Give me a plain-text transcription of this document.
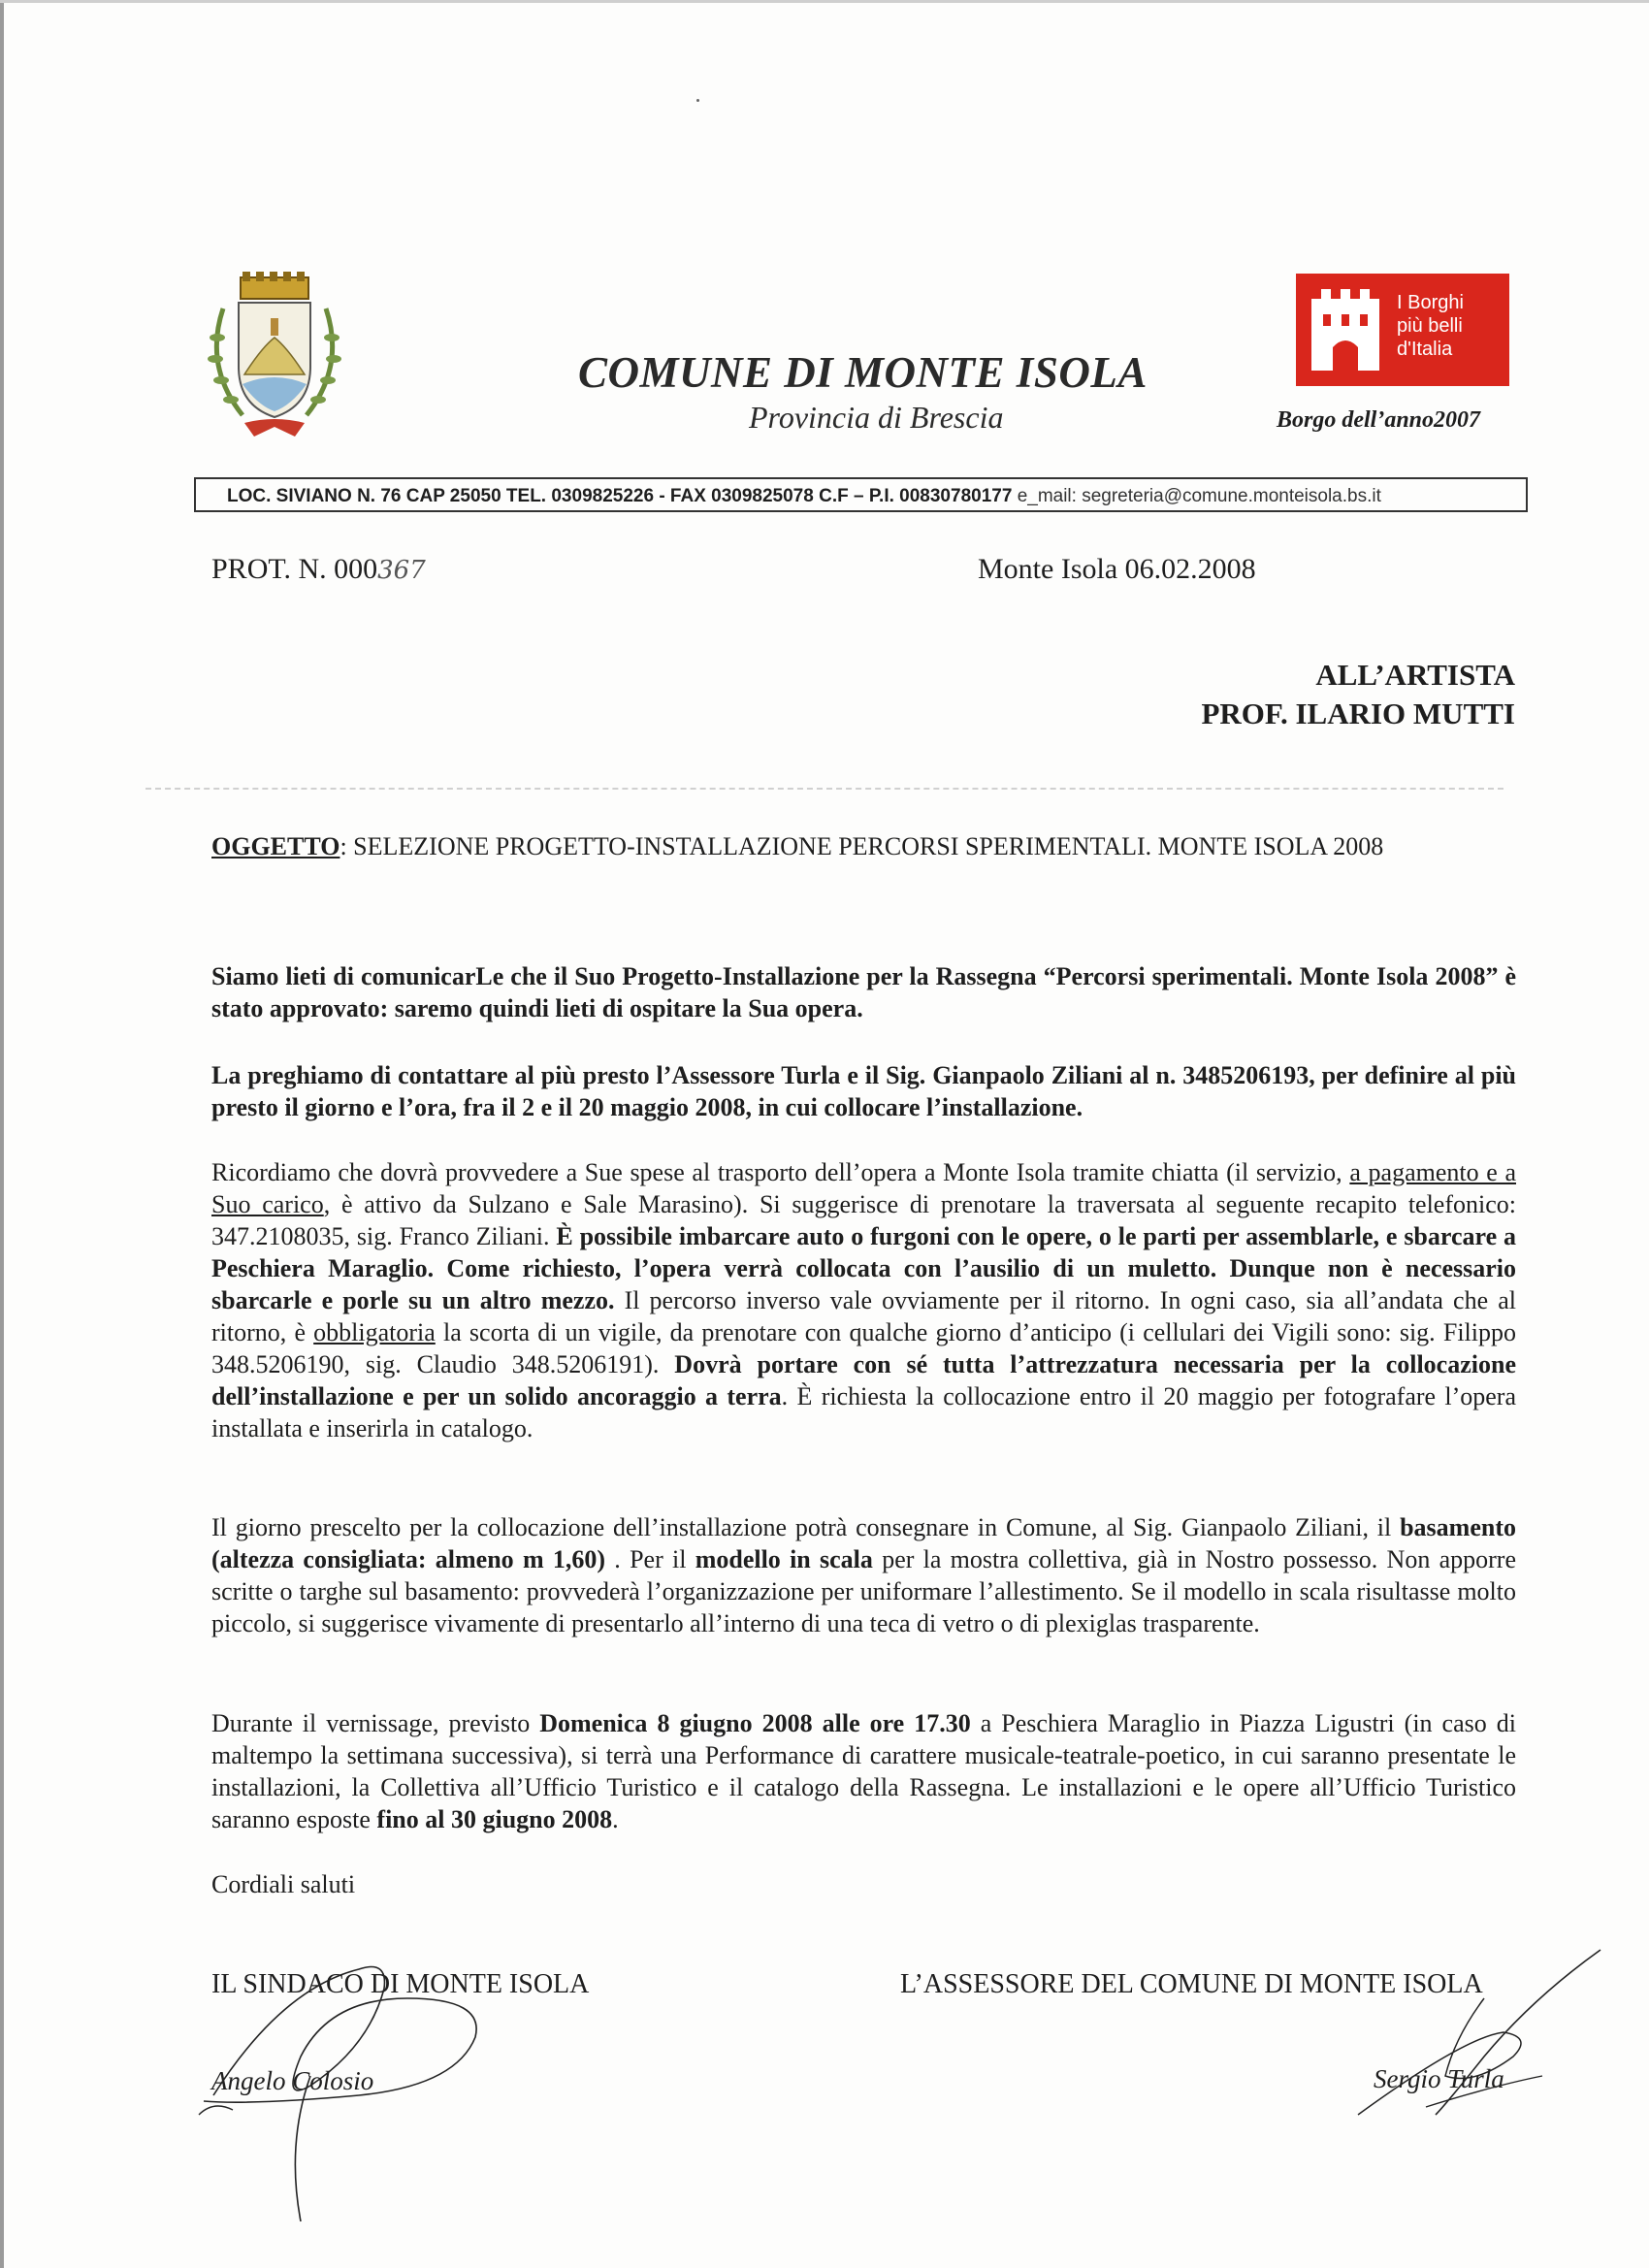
COMUNE DI MONTE ISOLA
Provincia di Brescia
I Borghi
più belli
d'Italia
Borgo dell’anno2007
LOC. SIVIANO N. 76 CAP 25050 TEL. 0309825226 - FAX 0309825078 C.F – P.I. 00830780177 e_mail: segreteria@comune.monteisola.bs.it
PROT. N. 000367	Monte Isola 06.02.2008
ALL’ARTISTA
PROF. ILARIO MUTTI
OGGETTO: SELEZIONE PROGETTO-INSTALLAZIONE PERCORSI SPERIMENTALI. MONTE ISOLA 2008
Siamo lieti di comunicarLe che il Suo Progetto-Installazione per la Rassegna “Percorsi sperimentali. Monte Isola 2008” è stato approvato: saremo quindi lieti di ospitare la Sua opera.
La preghiamo di contattare al più presto l’Assessore Turla e il Sig. Gianpaolo Ziliani al n. 3485206193, per definire al più presto il giorno e l’ora, fra il 2 e il 20 maggio 2008, in cui collocare l’installazione.
Ricordiamo che dovrà provvedere a Sue spese al trasporto dell’opera a Monte Isola tramite chiatta (il servizio, a pagamento e a Suo carico, è attivo da Sulzano e Sale Marasino). Si suggerisce di prenotare la traversata al seguente recapito telefonico: 347.2108035, sig. Franco Ziliani. È possibile imbarcare auto o furgoni con le opere, o le parti per assemblarle, e sbarcare a Peschiera Maraglio. Come richiesto, l’opera verrà collocata con l’ausilio di un muletto. Dunque non è necessario sbarcarle e porle su un altro mezzo. Il percorso inverso vale ovviamente per il ritorno. In ogni caso, sia all’andata che al ritorno, è obbligatoria la scorta di un vigile, da prenotare con qualche giorno d’anticipo (i cellulari dei Vigili sono: sig. Filippo 348.5206190, sig. Claudio 348.5206191). Dovrà portare con sé tutta l’attrezzatura necessaria per la collocazione dell’installazione e per un solido ancoraggio a terra. È richiesta la collocazione entro il 20 maggio per fotografare l’opera installata e inserirla in catalogo.
Il giorno prescelto per la collocazione dell’installazione potrà consegnare in Comune, al Sig. Gianpaolo Ziliani, il basamento (altezza consigliata: almeno m 1,60) . Per il modello in scala per la mostra collettiva, già in Nostro possesso. Non apporre scritte o targhe sul basamento: provvederà l’organizzazione per uniformare l’allestimento. Se il modello in scala risultasse molto piccolo, si suggerisce vivamente di presentarlo all’interno di una teca di vetro o di plexiglas trasparente.
Durante il vernissage, previsto Domenica 8 giugno 2008 alle ore 17.30 a Peschiera Maraglio in Piazza Ligustri (in caso di maltempo la settimana successiva), si terrà una Performance di carattere musicale-teatrale-poetico, in cui saranno presentate le installazioni, la Collettiva all’Ufficio Turistico e il catalogo della Rassegna. Le installazioni e le opere all’Ufficio Turistico saranno esposte fino al 30 giugno 2008.
Cordiali saluti
IL SINDACO DI MONTE ISOLA	L’ASSESSORE DEL COMUNE DI MONTE ISOLA
Angelo Colosio	Sergio Turla
